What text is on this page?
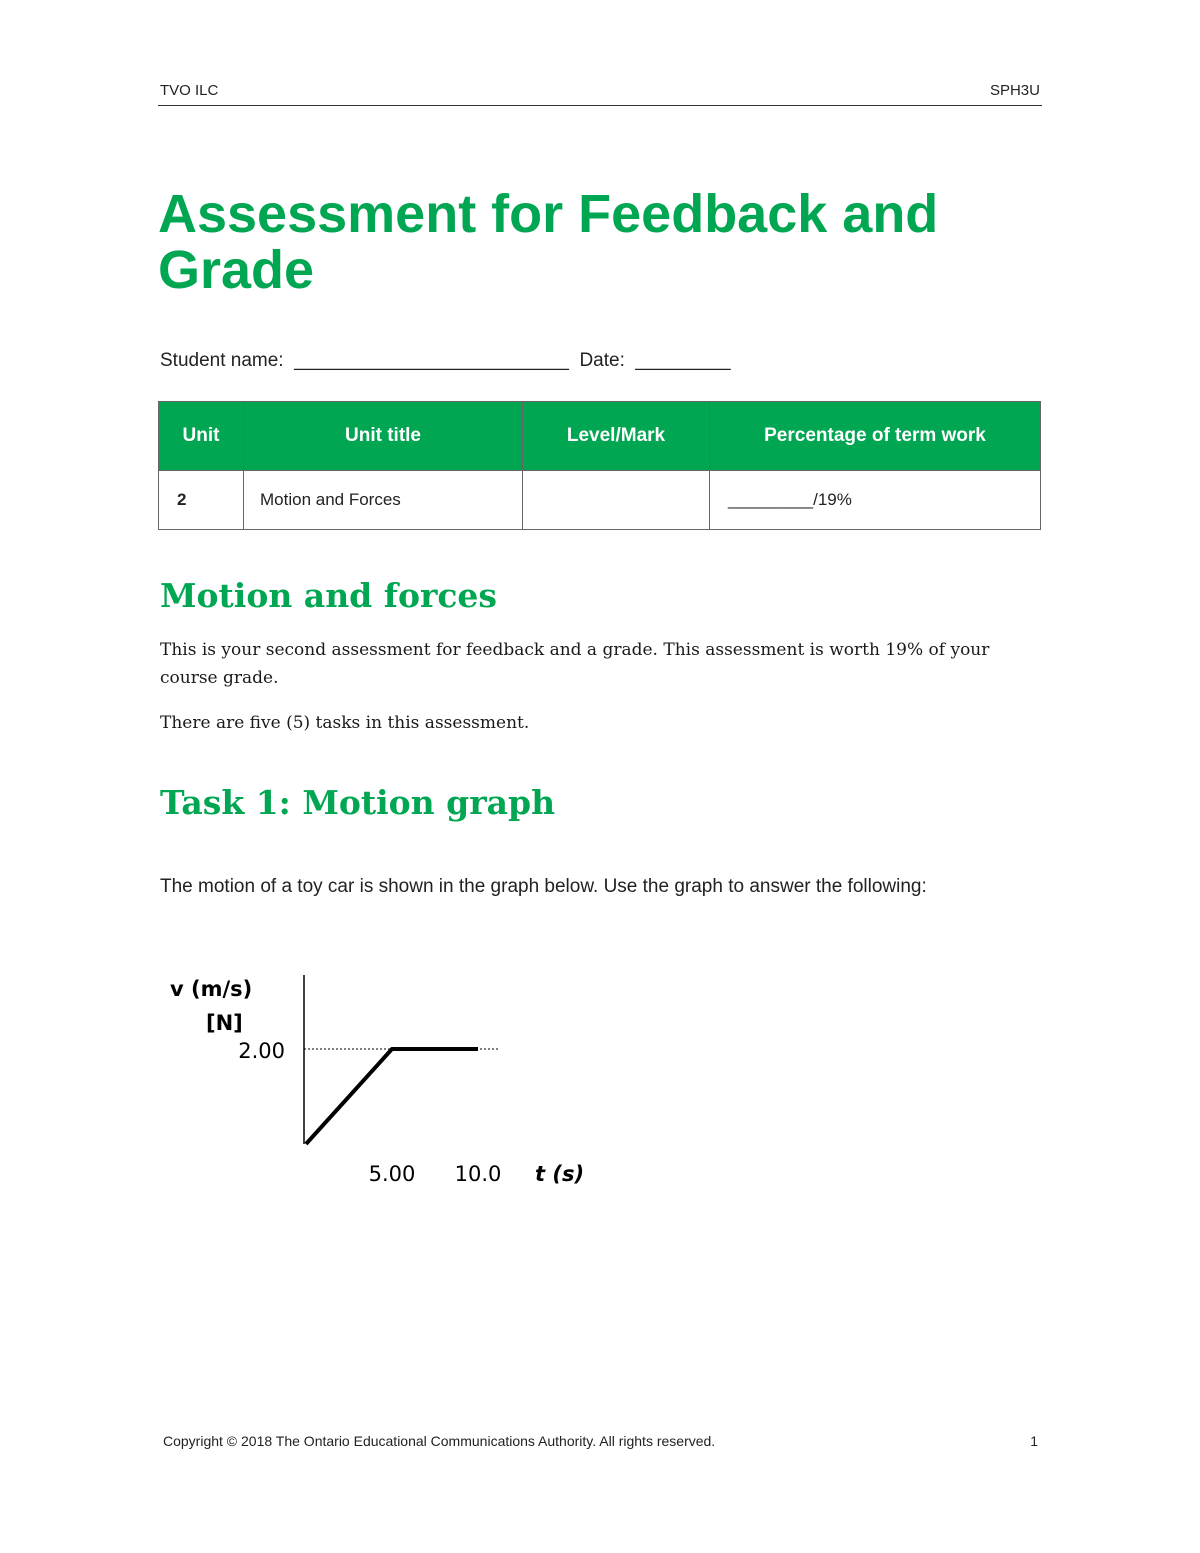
TVO ILC	SPH3U
Assessment for Feedback and Grade
Student name:  __________________________  Date:  _________
Unit	Unit title	Level/Mark	Percentage of term work
2	Motion and Forces		_________/19%
Motion and forces
This is your second assessment for feedback and a grade. This assessment is worth 19% of your course grade.
There are five (5) tasks in this assessment.
Task 1: Motion graph
The motion of a toy car is shown in the graph below. Use the graph to answer the following:
v (m/s)
[N]
2.00
5.00 10.0 t (s)
Copyright © 2018 The Ontario Educational Communications Authority. All rights reserved.	1
